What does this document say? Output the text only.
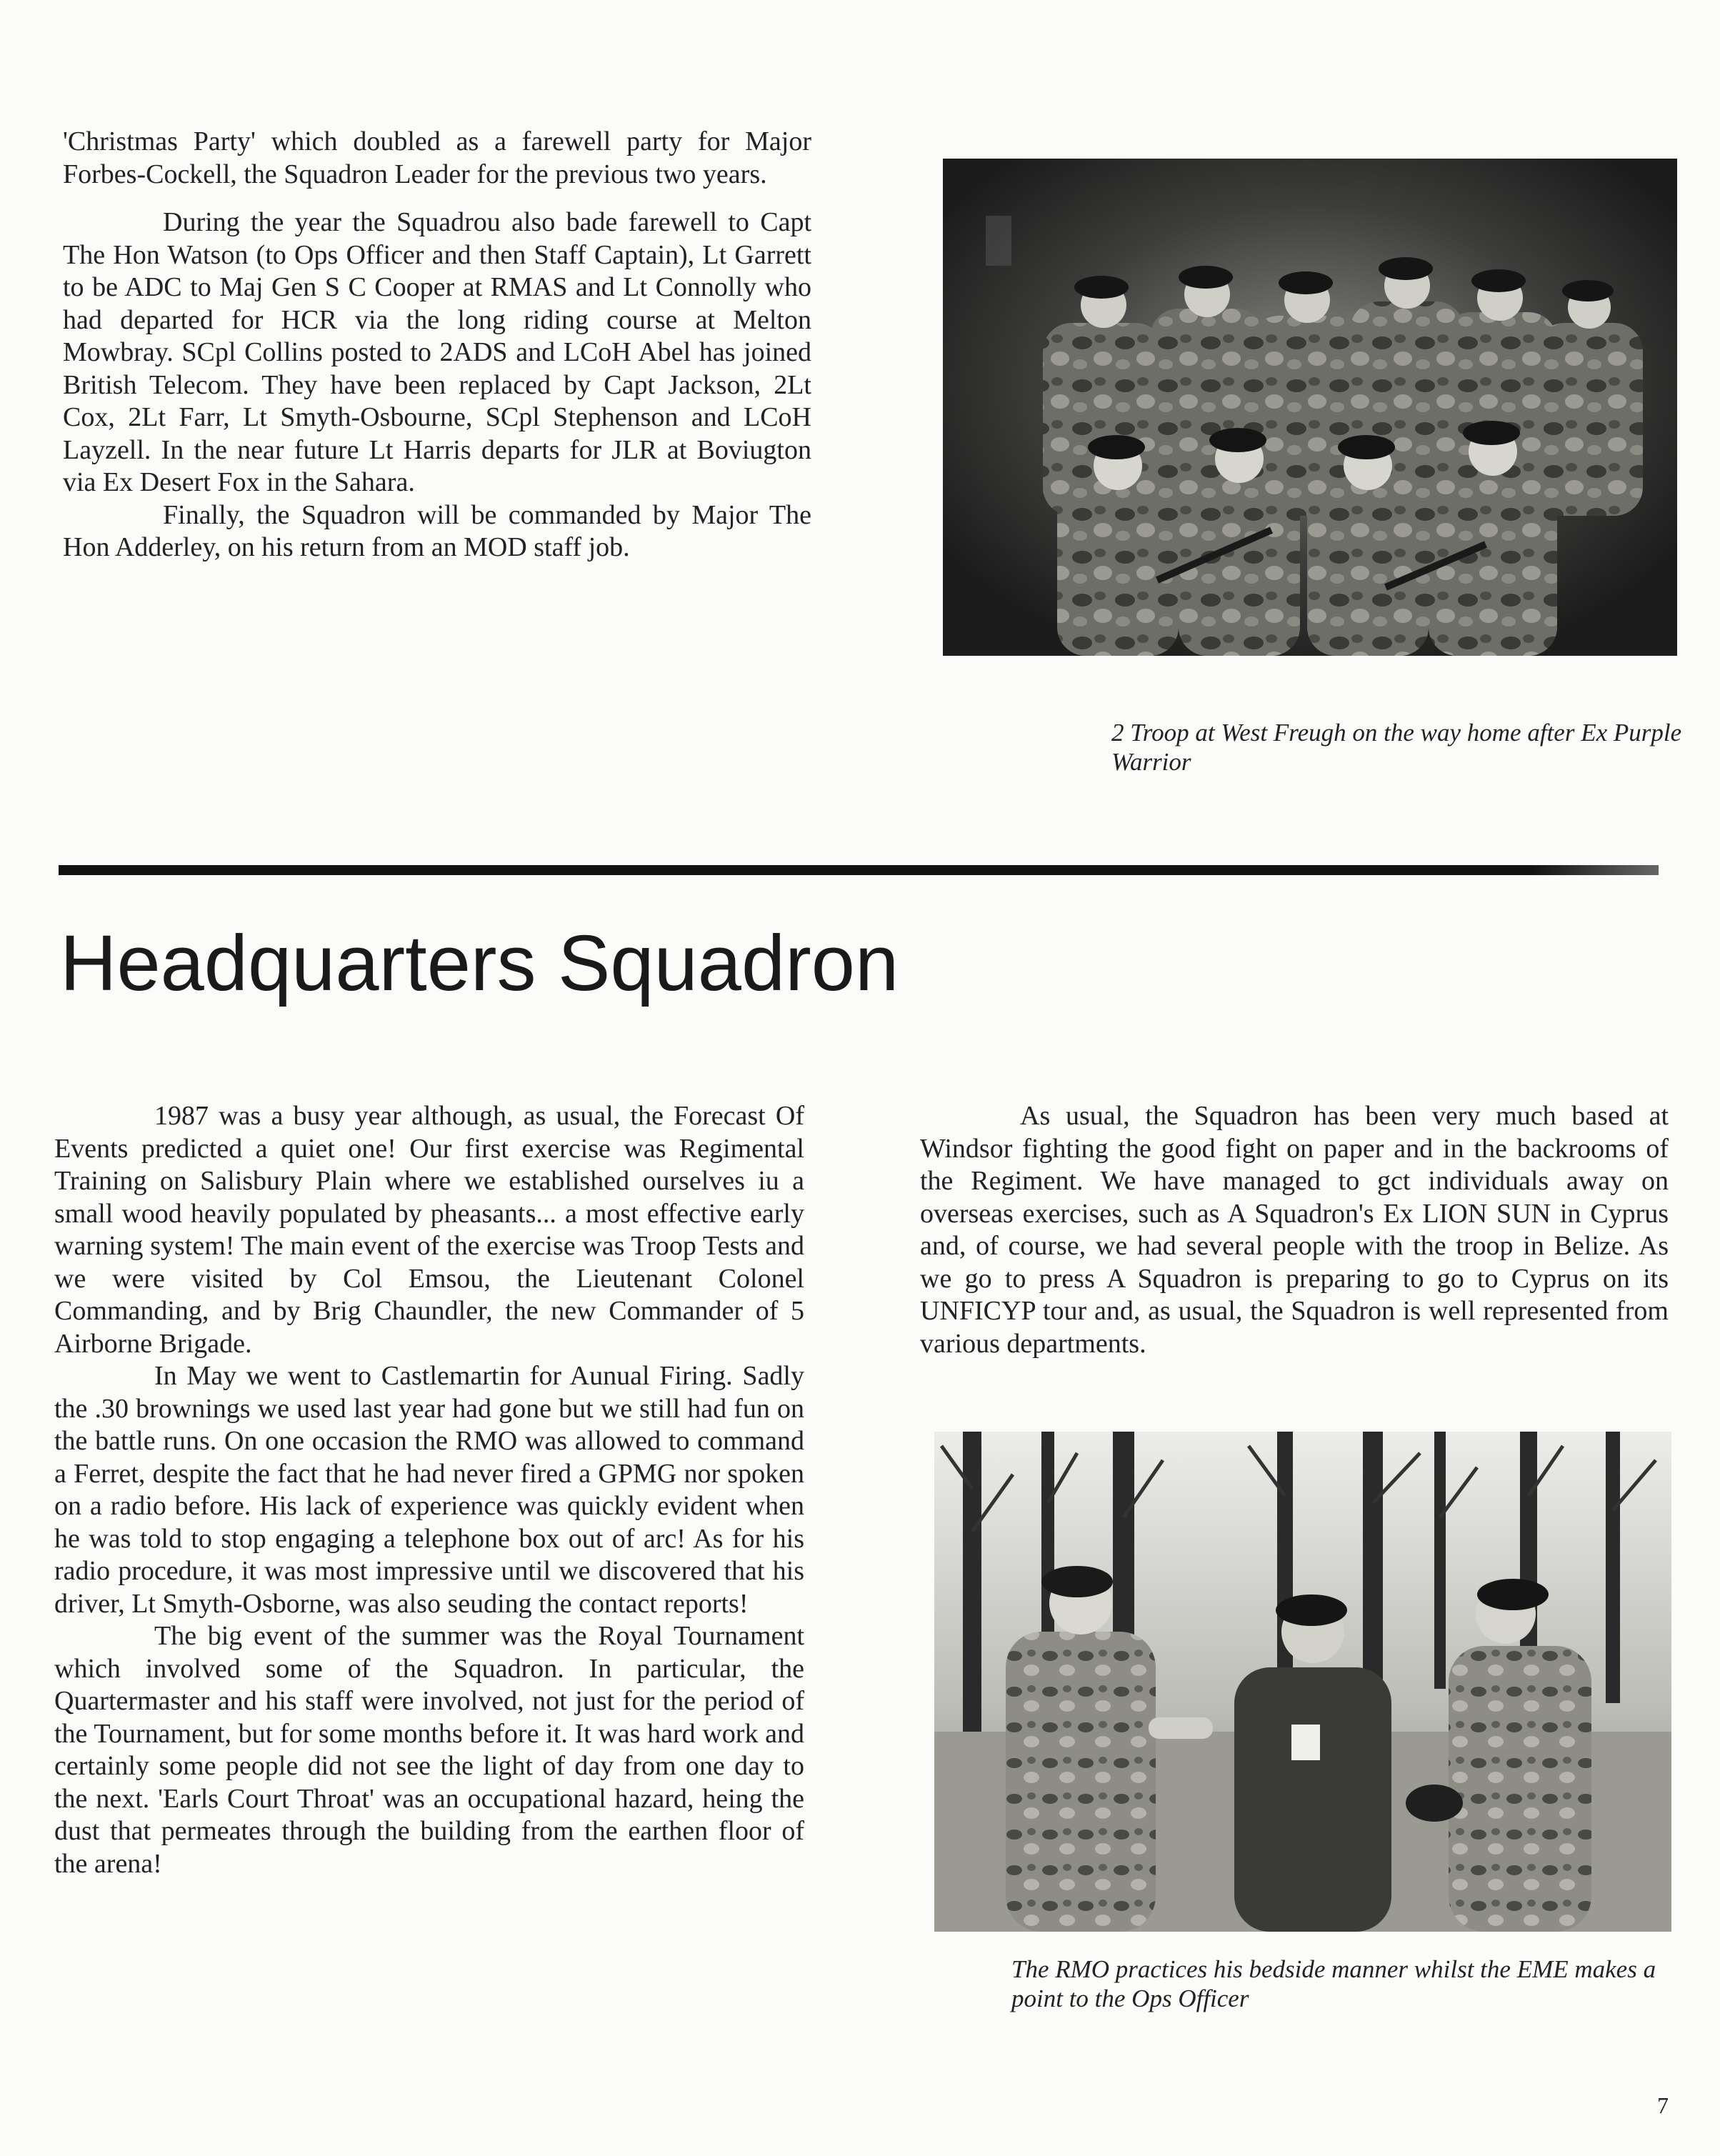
'Christmas Party' which doubled as a farewell party for Major Forbes-Cockell, the Squadron Leader for the previous two years.

During the year the Squadrou also bade farewell to Capt The Hon Watson (to Ops Officer and then Staff Captain), Lt Garrett to be ADC to Maj Gen S C Cooper at RMAS and Lt Connolly who had departed for HCR via the long riding course at Melton Mowbray. SCpl Collins posted to 2ADS and LCoH Abel has joined British Telecom. They have been replaced by Capt Jackson, 2Lt Cox, 2Lt Farr, Lt Smyth-Osbourne, SCpl Stephenson and LCoH Layzell. In the near future Lt Harris departs for JLR at Boviugton via Ex Desert Fox in the Sahara.

Finally, the Squadron will be commanded by Major The Hon Adderley, on his return from an MOD staff job.

2 Troop at West Freugh on the way home after Ex Purple Warrior
Headquarters Squadron

1987 was a busy year although, as usual, the Forecast Of Events predicted a quiet one! Our first exercise was Regimental Training on Salisbury Plain where we established ourselves iu a small wood heavily populated by pheasants... a most effective early warning system! The main event of the exercise was Troop Tests and we were visited by Col Emsou, the Lieutenant Colonel Commanding, and by Brig Chaundler, the new Commander of 5 Airborne Brigade.

In May we went to Castlemartin for Aunual Firing. Sadly the .30 brownings we used last year had gone but we still had fun on the battle runs. On one occasion the RMO was allowed to command a Ferret, despite the fact that he had never fired a GPMG nor spoken on a radio before. His lack of experience was quickly evident when he was told to stop engaging a telephone box out of arc! As for his radio procedure, it was most impressive until we discovered that his driver, Lt Smyth-Osborne, was also seuding the contact reports!

The big event of the summer was the Royal Tournament which involved some of the Squadron. In particular, the Quartermaster and his staff were involved, not just for the period of the Tournament, but for some months before it. It was hard work and certainly some people did not see the light of day from one day to the next. 'Earls Court Throat' was an occupational hazard, heing the dust that permeates through the building from the earthen floor of the arena!

As usual, the Squadron has been very much based at Windsor fighting the good fight on paper and in the backrooms of the Regiment. We have managed to gct individuals away on overseas exercises, such as A Squadron's Ex LION SUN in Cyprus and, of course, we had several people with the troop in Belize. As we go to press A Squadron is preparing to go to Cyprus on its UNFICYP tour and, as usual, the Squadron is well represented from various departments.

The RMO practices his bedside manner whilst the EME makes a point to the Ops Officer
7
